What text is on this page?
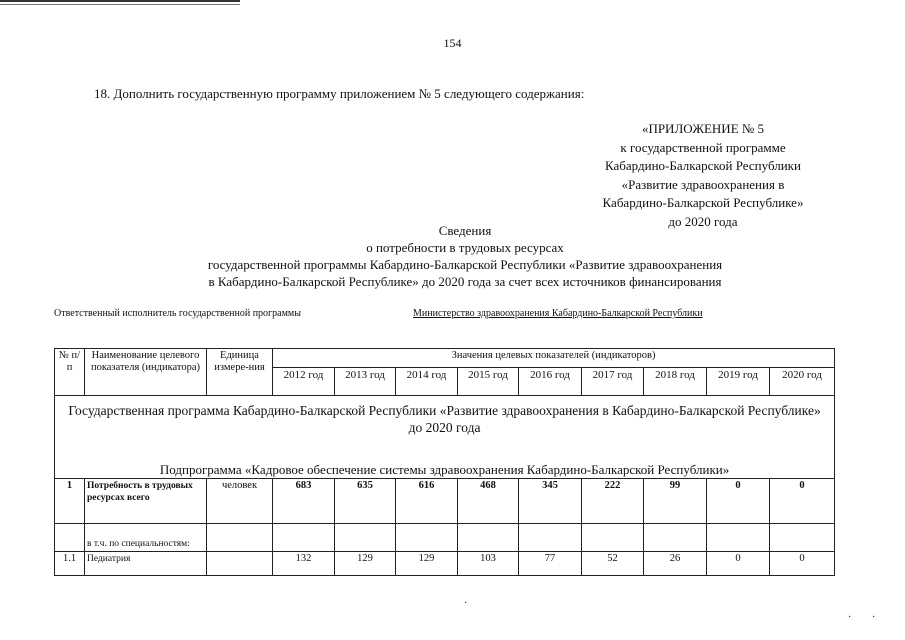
154
18. Дополнить государственную программу приложением № 5 следующего содержания:
«ПРИЛОЖЕНИЕ № 5
к государственной программе
Кабардино-Балкарской Республики
«Развитие здравоохранения в
Кабардино-Балкарской Республике»
до 2020 года
Сведения
о потребности в трудовых ресурсах
государственной программы Кабардино-Балкарской Республики «Развитие здравоохранения
в Кабардино-Балкарской Республике» до 2020 года за счет всех источников финансирования
Ответственный исполнитель государственной программы	Министерство здравоохранения Кабардино-Балкарской Республики
№ п/п	Наименование целевого показателя (индикатора)	Единица измере-ния	Значения целевых показателей (индикаторов)								
			2012 год	2013 год	2014 год	2015 год	2016 год	2017 год	2018 год	2019 год	2020 год
Государственная программа Кабардино-Балкарской Республики «Развитие здравоохранения в Кабардино-Балкарской Республике» до 2020 года											
Подпрограмма «Кадровое обеспечение системы здравоохранения Кабардино-Балкарской Республики»											
1	Потребность в трудовых ресурсах всего	человек	683	635	616	468	345	222	99	0	0
	в т.ч. по специальностям:										
1.1	Педиатрия		132	129	129	103	77	52	26	0	0
·
· ·
